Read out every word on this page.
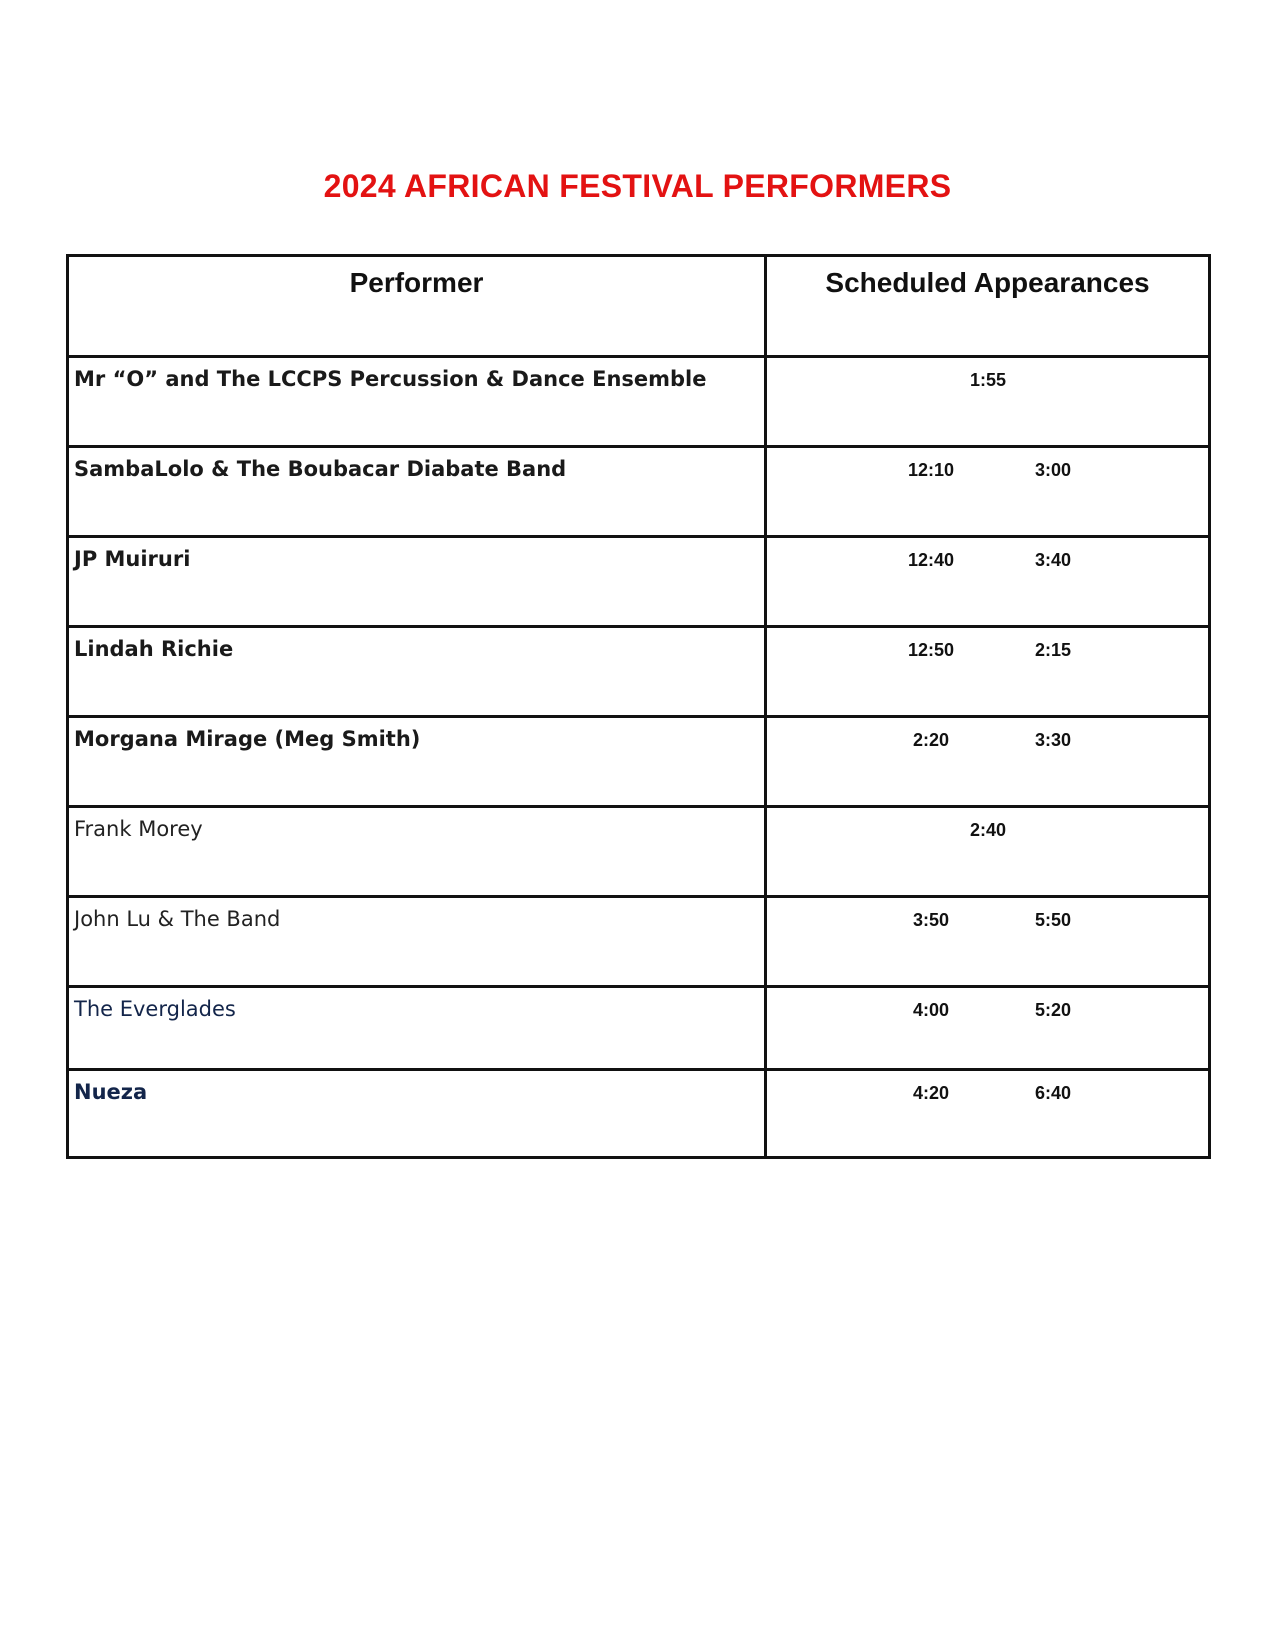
2024 AFRICAN FESTIVAL PERFORMERS
Performer	Scheduled Appearances
Mr “O” and The LCCPS Percussion & Dance Ensemble	1:55

SambaLolo & The Boubacar Diabate Band	12:10 3:00

JP Muiruri	12:40 3:40

Lindah Richie	12:50 2:15

Morgana Mirage (Meg Smith)	2:20 3:30

Frank Morey	2:40

John Lu & The Band	3:50 5:50

The Everglades	4:00 5:20

Nueza	4:20 6:40
